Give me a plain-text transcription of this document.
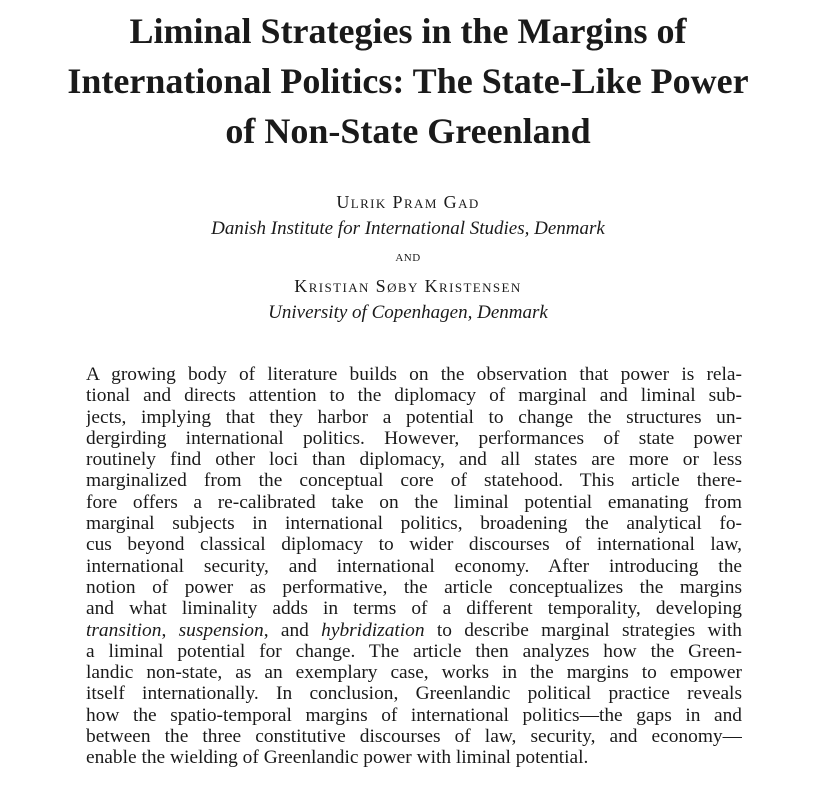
Liminal Strategies in the Margins of
International Politics: The State-Like Power
of Non-State Greenland
Ulrik Pram Gad
Danish Institute for International Studies, Denmark
and
Kristian Søby Kristensen
University of Copenhagen, Denmark
A growing body of literature builds on the observation that power is rela-
tional and directs attention to the diplomacy of marginal and liminal sub-
jects, implying that they harbor a potential to change the structures un-
dergirding international politics. However, performances of state power
routinely find other loci than diplomacy, and all states are more or less
marginalized from the conceptual core of statehood. This article there-
fore offers a re-calibrated take on the liminal potential emanating from
marginal subjects in international politics, broadening the analytical fo-
cus beyond classical diplomacy to wider discourses of international law,
international security, and international economy. After introducing the
notion of power as performative, the article conceptualizes the margins
and what liminality adds in terms of a different temporality, developing
transition, suspension, and hybridization to describe marginal strategies with
a liminal potential for change. The article then analyzes how the Green-
landic non-state, as an exemplary case, works in the margins to empower
itself internationally. In conclusion, Greenlandic political practice reveals
how the spatio-temporal margins of international politics—the gaps in and
between the three constitutive discourses of law, security, and economy—
enable the wielding of Greenlandic power with liminal potential.
